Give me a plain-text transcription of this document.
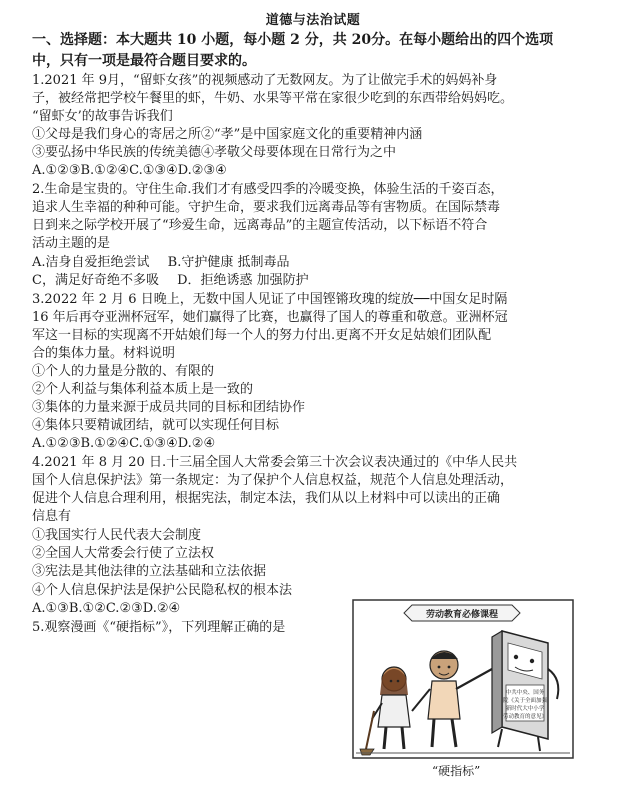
道德与法治试题
一、选择题：本大题共 10 小题，每小题 2 分，共 20分。在每小题给出的四个选项
中，只有一项是最符合题目要求的。
1.2021 年 9月，“留虾女孩”的视频感动了无数网友。为了让做完手术的妈妈补身
子，被经常把学校午餐里的虾，牛奶、水果等平常在家很少吃到的东西带给妈妈吃。
“留虾女’的故事告诉我们
①父母是我们身心的寄居之所②“孝”是中国家庭文化的重要精神内涵
③要弘扬中华民族的传统美德④孝敬父母要体现在日常行为之中
A.①②③B.①②④C.①③④D.②③④
2.生命是宝贵的。守住生命.我们才有感受四季的冷暖变换，体验生活的千姿百态，
追求人生幸福的种种可能。守护生命，要求我们远离毒品等有害物质。在国际禁毒
日到来之际学校开展了“珍爱生命，远离毒品”的主题宣传活动，以下标语不符合
活动主题的是
A.洁身自爱拒绝尝试 B.守护健康 抵制毒品
C，满足好奇绝不多吸 D．拒绝诱惑 加强防护
3.2022 年 2 月 6 日晚上，无数中国人见证了中国铿锵玫瑰的绽放──中国女足时隔
16 年后再夺亚洲杯冠军，她们赢得了比赛，也赢得了国人的尊重和敬意。亚洲杯冠
军这一目标的实现离不开姑娘们每一个人的努力付出.更离不开女足姑娘们团队配
合的集体力量。材料说明
①个人的力量是分散的、有限的
②个人利益与集体利益本质上是一致的
③集体的力量来源于成员共同的目标和团结协作
④集体只要精诚团结，就可以实现任何目标
A.①②③B.①②④C.①③④D.②④
4.2021 年 8 月 20 日.十三届全国人大常委会第三十次会议表决通过的《中华人民共
国个人信息保护法》第一条规定：为了保护个人信息权益，规范个人信息处理活动，
促进个人信息合理利用，根据宪法，制定本法，我们从以上材料中可以读出的正确
信息有
①我国实行人民代表大会制度
②全国人大常委会行使了立法权
③宪法是其他法律的立法基础和立法依据
④个人信息保护法是保护公民隐私权的根本法
A.①③B.①②C.②③D.②④
5.观察漫画《“硬指标”》，下列理解正确的是
劳动教育必修课程
中共中央、国务
院《关于全面加强
新时代大中小学
劳动教育的意见》
“硬指标”
